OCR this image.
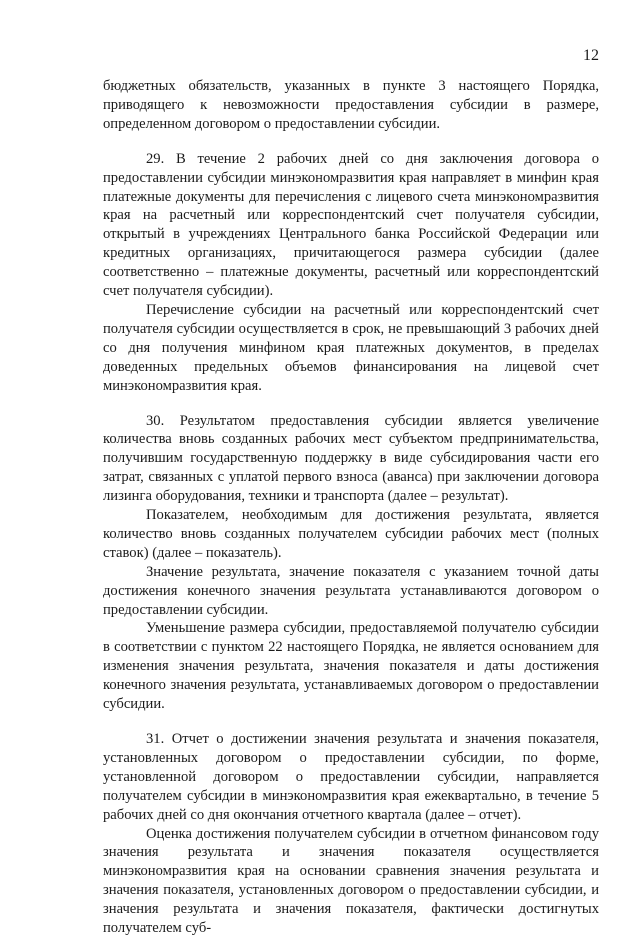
12

бюджетных обязательств, указанных в пункте 3 настоящего Порядка, приводящего к невозможности предоставления субсидии в размере, определенном договором о предоставлении субсидии.

29. В течение 2 рабочих дней со дня заключения договора о предоставлении субсидии минэкономразвития края направляет в минфин края платежные документы для перечисления с лицевого счета минэкономразвития края на расчетный или корреспондентский счет получателя субсидии, открытый в учреждениях Центрального банка Российской Федерации или кредитных организациях, причитающегося размера субсидии (далее соответственно – платежные документы, расчетный или корреспондентский счет получателя субсидии).

Перечисление субсидии на расчетный или корреспондентский счет получателя субсидии осуществляется в срок, не превышающий 3 рабочих дней со дня получения минфином края платежных документов, в пределах доведенных предельных объемов финансирования на лицевой счет минэкономразвития края.

30. Результатом предоставления субсидии является увеличение количества вновь созданных рабочих мест субъектом предпринимательства, получившим государственную поддержку в виде субсидирования части его затрат, связанных с уплатой первого взноса (аванса) при заключении договора лизинга оборудования, техники и транспорта (далее – результат).

Показателем, необходимым для достижения результата, является количество вновь созданных получателем субсидии рабочих мест (полных ставок) (далее – показатель).

Значение результата, значение показателя с указанием точной даты достижения конечного значения результата устанавливаются договором о предоставлении субсидии.

Уменьшение размера субсидии, предоставляемой получателю субсидии в соответствии с пунктом 22 настоящего Порядка, не является основанием для изменения значения результата, значения показателя и даты достижения конечного значения результата, устанавливаемых договором о предоставлении субсидии.

31. Отчет о достижении значения результата и значения показателя, установленных договором о предоставлении субсидии, по форме, установленной договором о предоставлении субсидии, направляется получателем субсидии в минэкономразвития края ежеквартально, в течение 5 рабочих дней со дня окончания отчетного квартала (далее – отчет).

Оценка достижения получателем субсидии в отчетном финансовом году значения результата и значения показателя осуществляется минэкономразвития края на основании сравнения значения результата и значения показателя, установленных договором о предоставлении субсидии, и значения результата и значения показателя, фактически достигнутых получателем суб-
